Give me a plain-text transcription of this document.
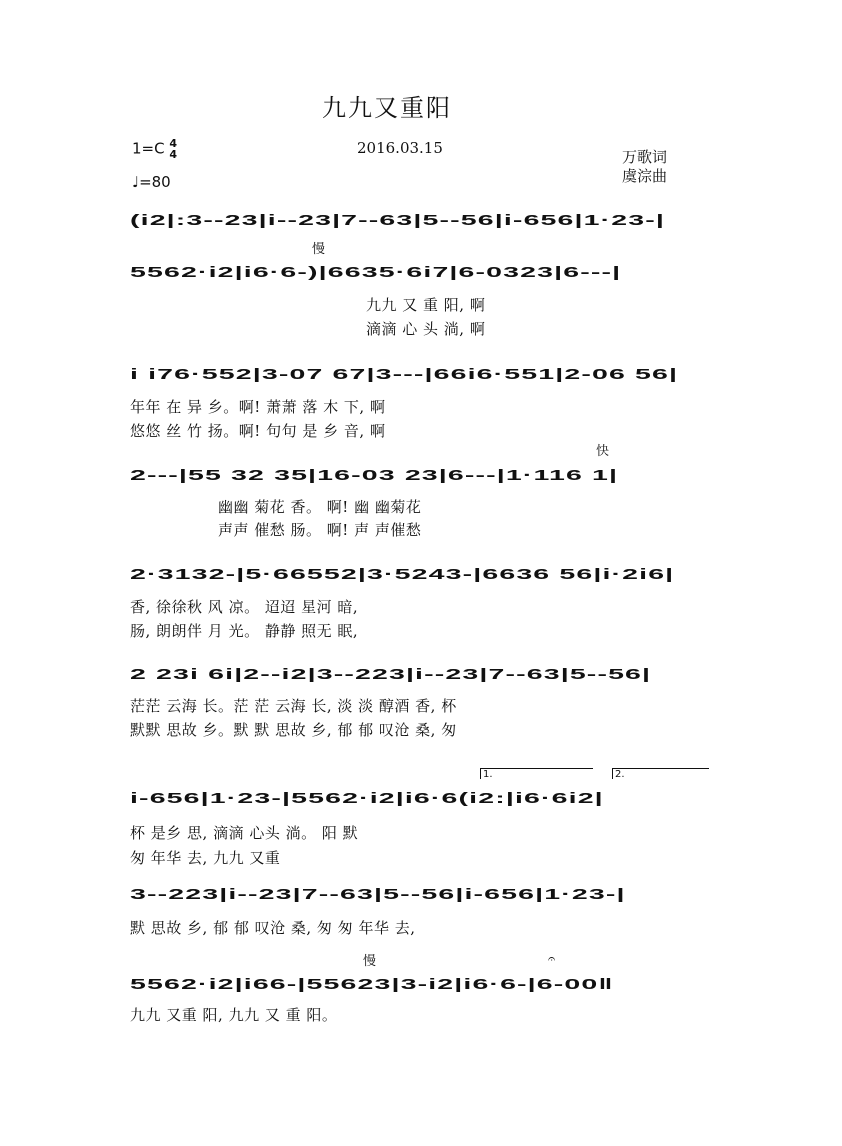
九九又重阳
1=C 4
4	2016.03.15
♩=80
万歌词
虞淙曲
慢
快
慢	𝄐
1.	2.
(i2|:3--23|i--23|7--63|5--56|i-656|1·23-|
5562·i2|i6·6-)|6635·6i7|6-0323|6---|
九九 又 重 阳, 啊
滴滴 心 头 淌, 啊
i i76·552|3-07 67|3---|66i6·551|2-06 56|
年年 在 异 乡。啊! 萧萧 落 木 下, 啊
悠悠 丝 竹 扬。啊! 句句 是 乡 音, 啊
2---|55 32 35|16-03 23|6---|1·116 1|
幽幽 菊花 香。 啊! 幽 幽菊花
声声 催愁 肠。 啊! 声 声催愁
2·3132-|5·66552|3·5243-|6636 56|i·2i6|
香, 徐徐秋 风 凉。 迢迢 星河 暗,
肠, 朗朗伴 月 光。 静静 照无 眠,
2 23i 6i|2--i2|3--223|i--23|7--63|5--56|
茫茫 云海 长。茫 茫 云海 长, 淡 淡 醇酒 香, 杯
默默 思故 乡。默 默 思故 乡, 郁 郁 叹沧 桑, 匆
i-656|1·23-|5562·i2|i6·6(i2:|i6·6i2|
杯 是乡 思, 滴滴 心头 淌。 阳 默
匆 年华 去, 九九 又重
3--223|i--23|7--63|5--56|i-656|1·23-|
默 思故 乡, 郁 郁 叹沧 桑, 匆 匆 年华 去,
5562·i2|i66-|55623|3-i2|i6·6-|6-00‖
九九 又重 阳, 九九 又 重 阳。
